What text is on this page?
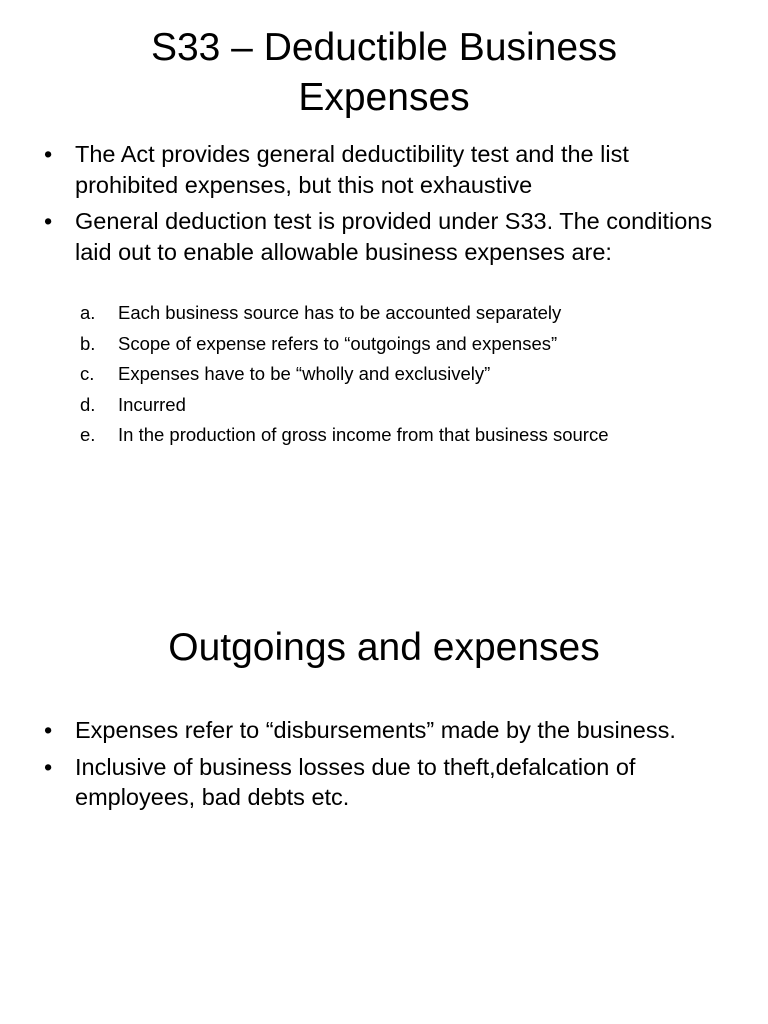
S33 – Deductible Business Expenses
• The Act provides general deductibility test and the list prohibited expenses, but this not exhaustive
• General deduction test is provided under S33. The conditions laid out to enable allowable business expenses are:
a. Each business source has to be accounted separately
b. Scope of expense refers to “outgoings and expenses”
c. Expenses have to be “wholly and exclusively”
d. Incurred
e. In the production of gross income from that business source
Outgoings and expenses
• Expenses refer to “disbursements” made by the business.
• Inclusive of business losses due to theft,defalcation of employees, bad debts etc.
